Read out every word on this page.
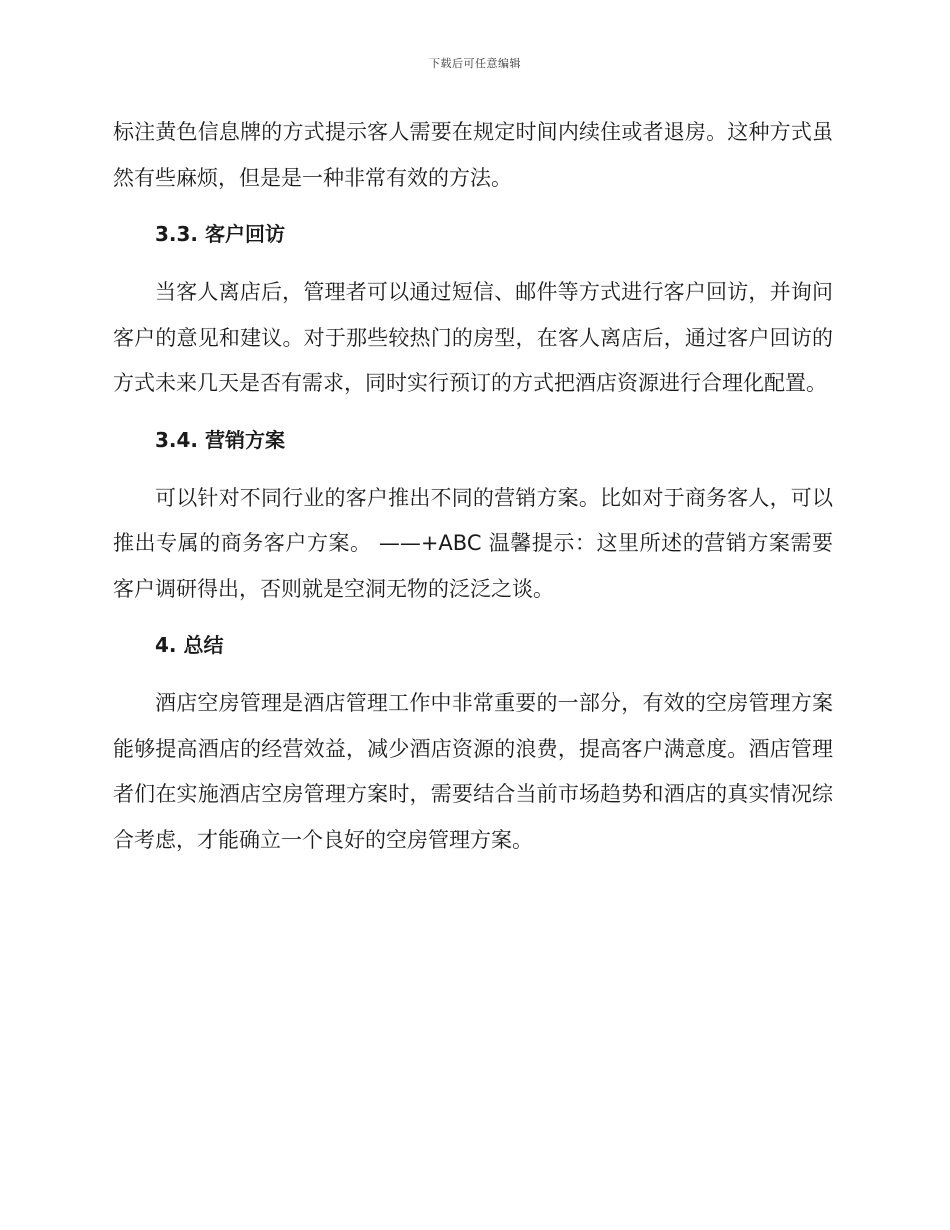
下载后可任意编辑

标注黄色信息牌的方式提示客人需要在规定时间内续住或者退房。这种方式虽然有些麻烦，但是是一种非常有效的方法。

3.3. 客户回访

当客人离店后，管理者可以通过短信、邮件等方式进行客户回访，并询问客户的意见和建议。对于那些较热门的房型，在客人离店后，通过客户回访的方式未来几天是否有需求，同时实行预订的方式把酒店资源进行合理化配置。

3.4. 营销方案

可以针对不同行业的客户推出不同的营销方案。比如对于商务客人，可以推出专属的商务客户方案。 ——+ABC 温馨提示：这里所述的营销方案需要客户调研得出，否则就是空洞无物的泛泛之谈。

4. 总结

酒店空房管理是酒店管理工作中非常重要的一部分，有效的空房管理方案能够提高酒店的经营效益，减少酒店资源的浪费，提高客户满意度。酒店管理者们在实施酒店空房管理方案时，需要结合当前市场趋势和酒店的真实情况综合考虑，才能确立一个良好的空房管理方案。
